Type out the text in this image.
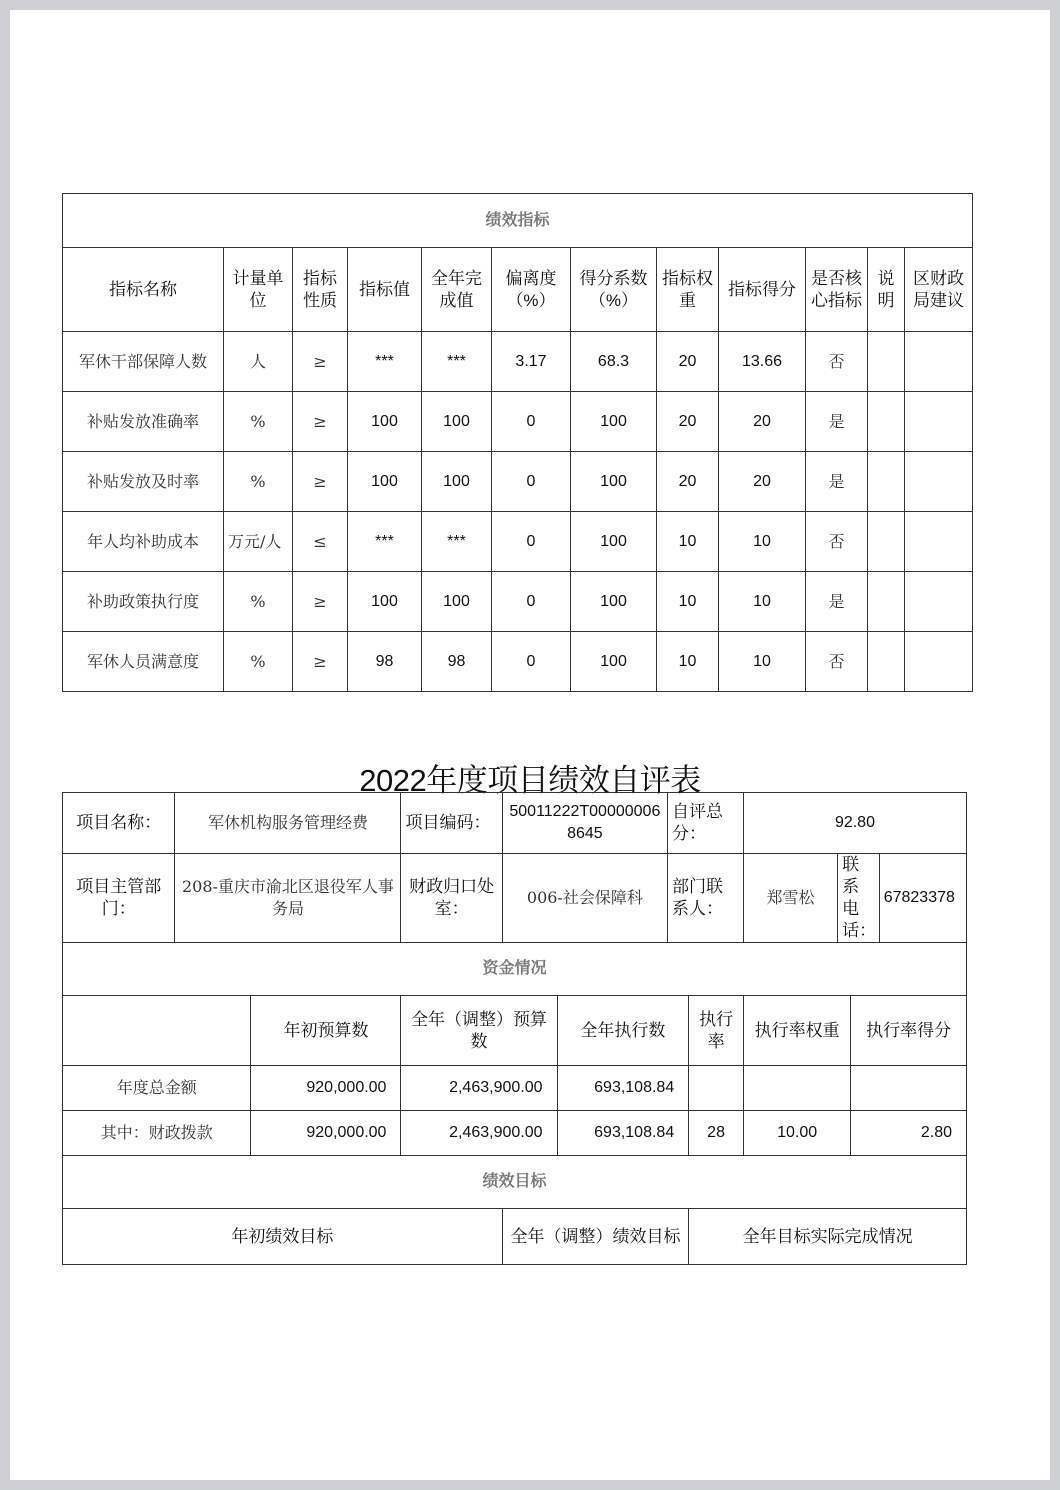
绩效指标											
指标名称	计量单位	指标性质	指标值	全年完成值	偏离度（%）	得分系数（%）	指标权重	指标得分	是否核心指标	说明	区财政局建议
军休干部保障人数	人	≥	***	***	3.17	68.3	20	13.66	否		
补贴发放准确率	%	≥	100	100	0	100	20	20	是		
补贴发放及时率	%	≥	100	100	0	100	20	20	是		
年人均补助成本	万元/人	≤	***	***	0	100	10	10	否		
补助政策执行度	%	≥	100	100	0	100	10	10	是		
军休人员满意度	%	≥	98	98	0	100	10	10	否		
2022年度项目绩效自评表
项目名称：	军休机构服务管理经费		项目编码：	50011222T000000068645		自评总分：		92.80			
项目主管部门：	208-重庆市渝北区退役军人事务局		财政归口处室：	006-社会保障科		部门联系人：		郑雪松	联系电话：		67823378
资金情况											
		年初预算数	全年（调整）预算数		全年执行数		执行率	执行率权重		执行率得分	
年度总金额		920,000.00	2,463,900.00		693,108.84						
其中：财政拨款		920,000.00	2,463,900.00		693,108.84		28	10.00		2.80	
绩效目标											
年初绩效目标				全年（调整）绩效目标			全年目标实际完成情况				
